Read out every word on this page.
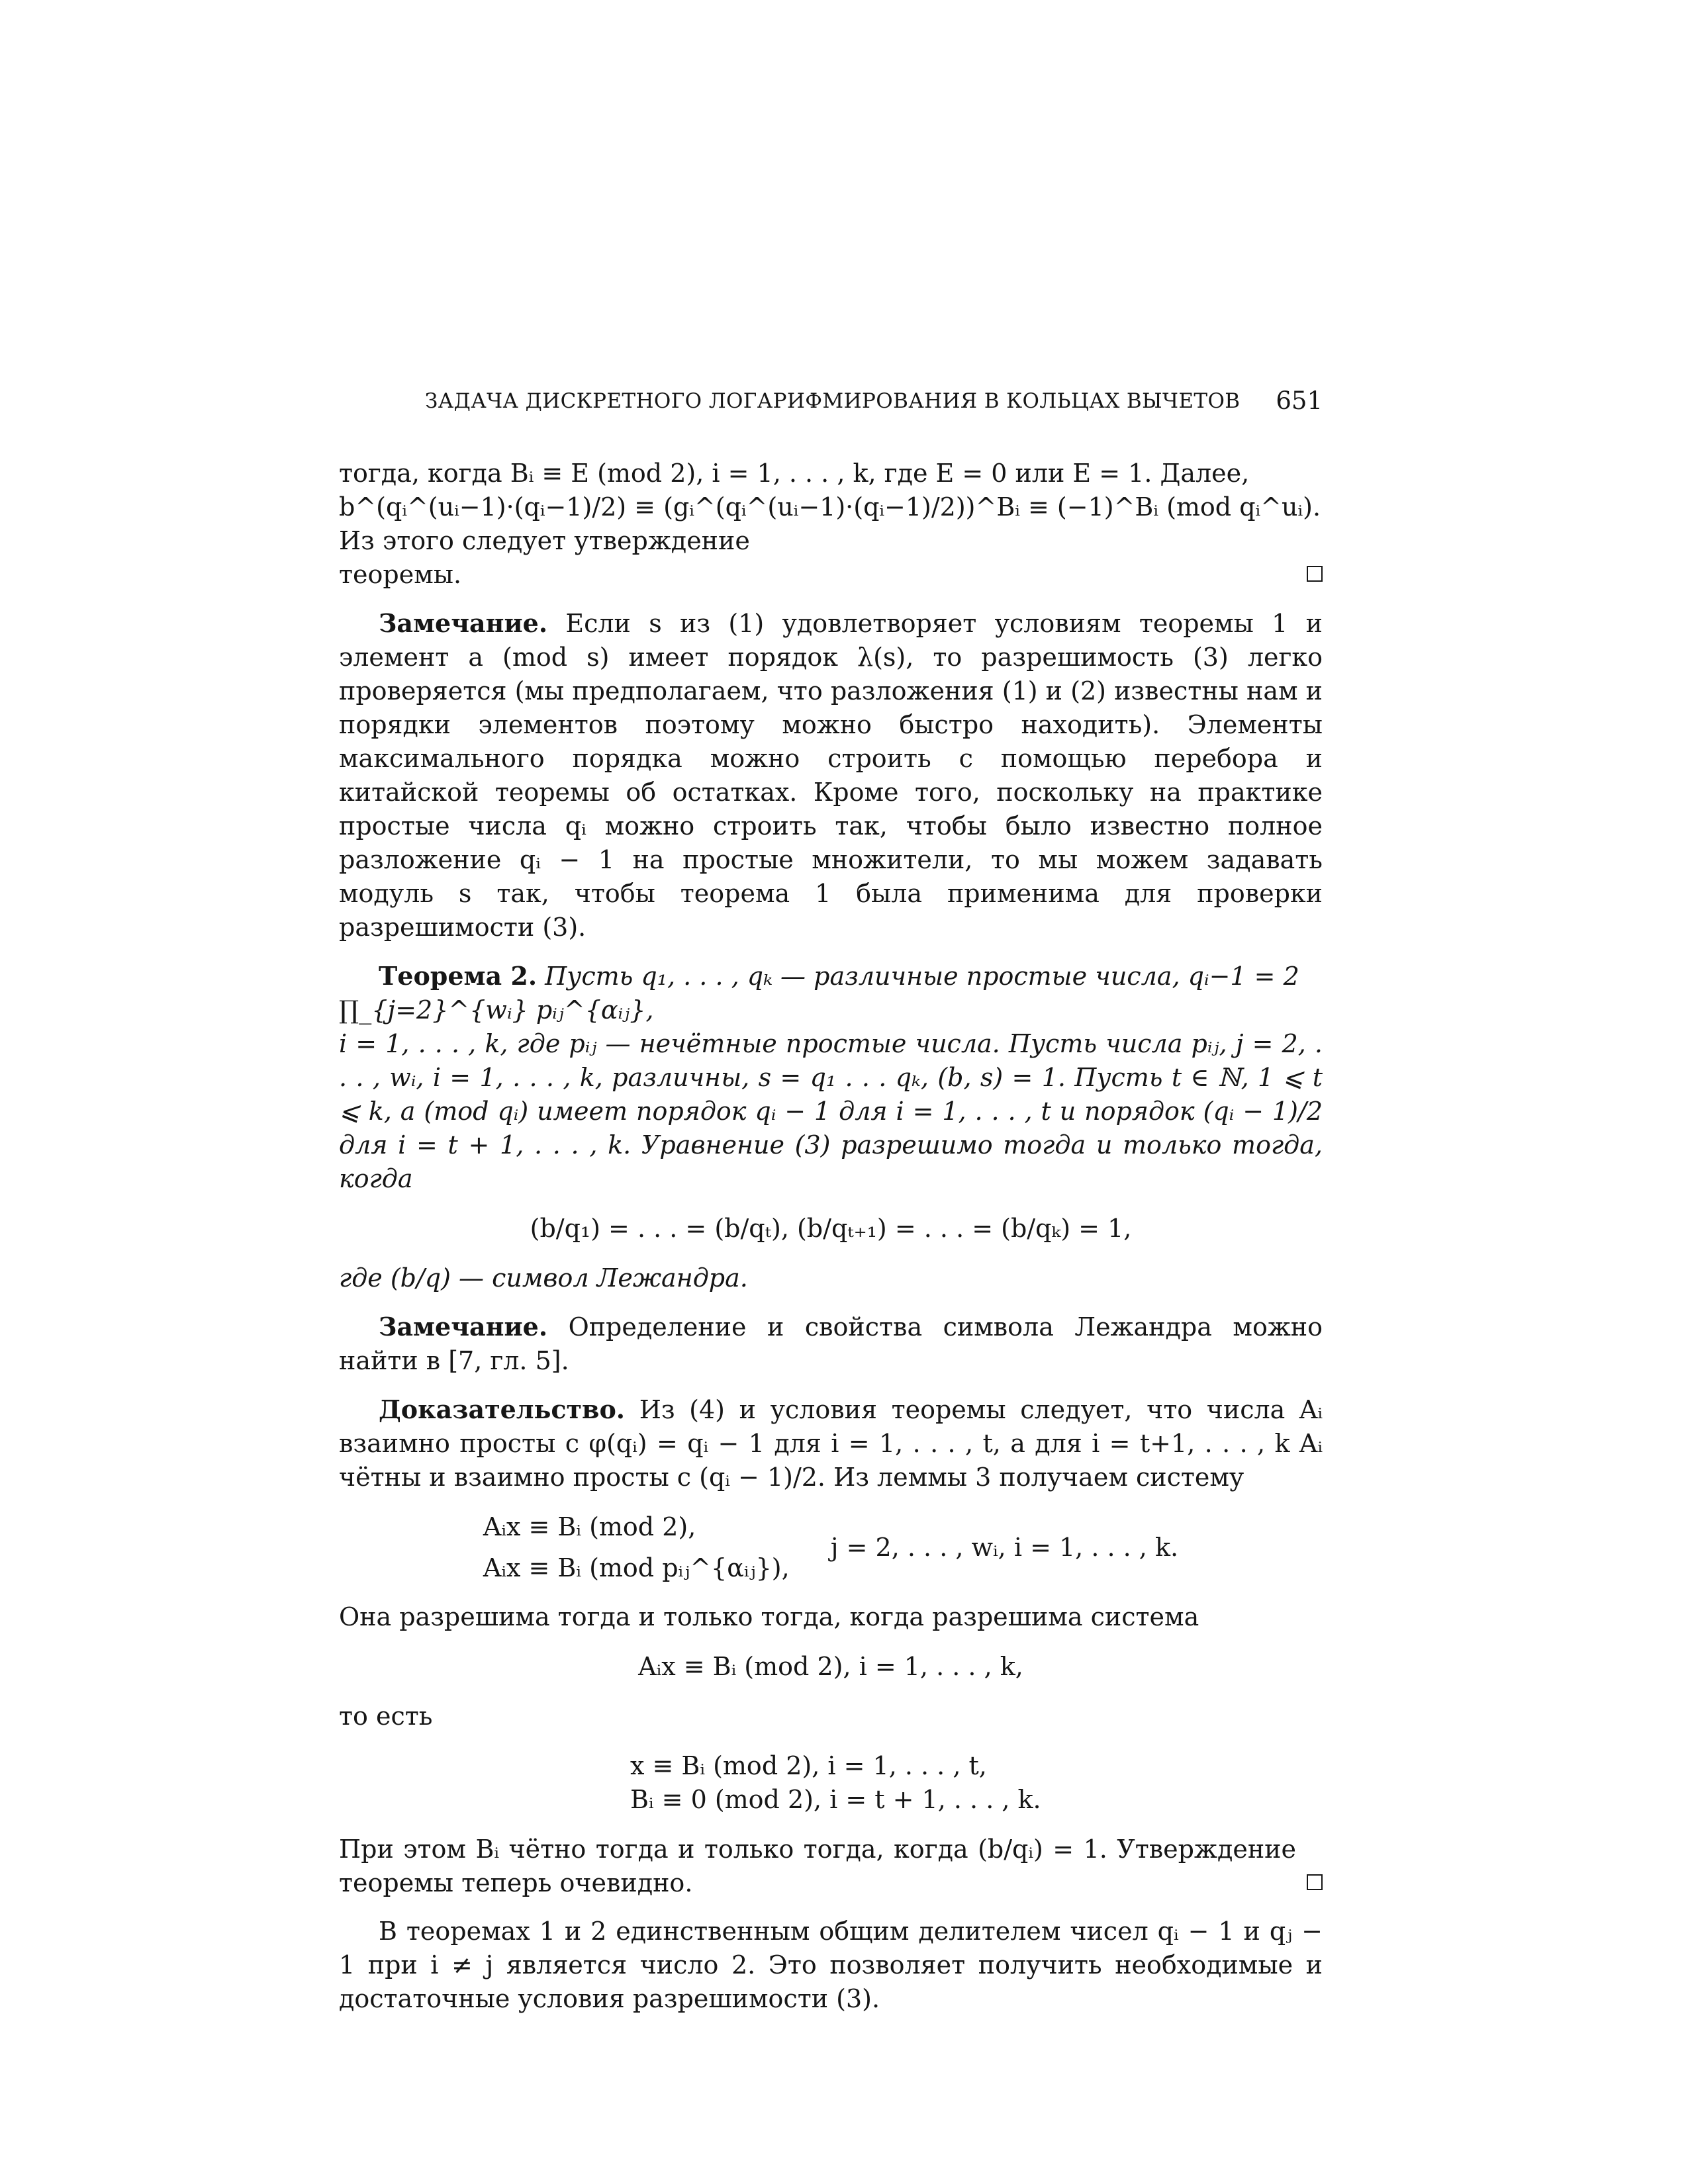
ЗАДАЧА ДИСКРЕТНОГО ЛОГАРИФМИРОВАНИЯ В КОЛЬЦАХ ВЫЧЕТОВ 651

тогда, когда Bᵢ ≡ E (mod 2), i = 1, . . . , k, где E = 0 или E = 1. Далее,

b^(qᵢ^(uᵢ−1)·(qᵢ−1)/2) ≡ (gᵢ^(qᵢ^(uᵢ−1)·(qᵢ−1)/2))^Bᵢ ≡ (−1)^Bᵢ (mod qᵢ^uᵢ). Из этого следует утверждение

теоремы.

Замечание. Если s из (1) удовлетворяет условиям теоремы 1 и элемент a (mod s) имеет порядок λ(s), то разрешимость (3) легко проверяется (мы предполагаем, что разложения (1) и (2) известны нам и порядки элементов поэтому можно быстро находить). Элементы максимального порядка можно строить с помощью перебора и китайской теоремы об остатках. Кроме того, поскольку на практике простые числа qᵢ можно строить так, чтобы было известно полное разложение qᵢ − 1 на простые множители, то мы можем задавать модуль s так, чтобы теорема 1 была применима для проверки разрешимости (3).

Теорема 2. Пусть q₁, . . . , qₖ — различные простые числа, qᵢ−1 = 2 ∏_{j=2}^{wᵢ} pᵢⱼ^{αᵢⱼ},

i = 1, . . . , k, где pᵢⱼ — нечётные простые числа. Пусть числа pᵢⱼ, j = 2, . . . , wᵢ, i = 1, . . . , k, различны, s = q₁ . . . qₖ, (b, s) = 1. Пусть t ∈ ℕ, 1 ⩽ t ⩽ k, a (mod qᵢ) имеет порядок qᵢ − 1 для i = 1, . . . , t и порядок (qᵢ − 1)/2 для i = t + 1, . . . , k. Уравнение (3) разрешимо тогда и только тогда, когда

(b/q₁) = . . . = (b/qₜ), (b/qₜ₊₁) = . . . = (b/qₖ) = 1,

где (b/q) — символ Лежандра.

Замечание. Определение и свойства символа Лежандра можно найти в [7, гл. 5].

Доказательство. Из (4) и условия теоремы следует, что числа Aᵢ взаимно просты с φ(qᵢ) = qᵢ − 1 для i = 1, . . . , t, а для i = t+1, . . . , k Aᵢ чётны и взаимно просты с (qᵢ − 1)/2. Из леммы 3 получаем систему

Aᵢx ≡ Bᵢ (mod 2),
Aᵢx ≡ Bᵢ (mod pᵢⱼ^{αᵢⱼ}),
j = 2, . . . , wᵢ, i = 1, . . . , k.

Она разрешима тогда и только тогда, когда разрешима система

Aᵢx ≡ Bᵢ (mod 2), i = 1, . . . , k,

то есть

x ≡ Bᵢ (mod 2), i = 1, . . . , t,
Bᵢ ≡ 0 (mod 2), i = t + 1, . . . , k.

При этом Bᵢ чётно тогда и только тогда, когда (b/qᵢ) = 1. Утверждение теоремы теперь очевидно.

В теоремах 1 и 2 единственным общим делителем чисел qᵢ − 1 и qⱼ − 1 при i ≠ j является число 2. Это позволяет получить необходимые и достаточные условия разрешимости (3).
